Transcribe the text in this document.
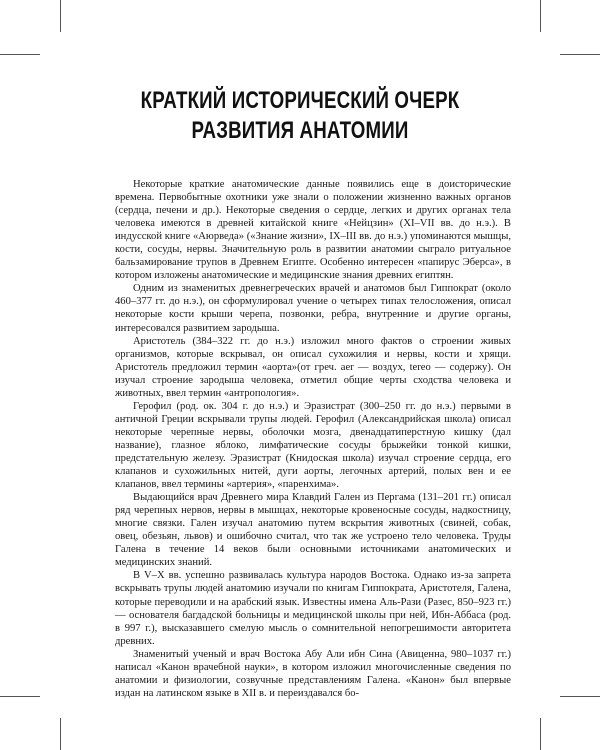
КРАТКИЙ ИСТОРИЧЕСКИЙ ОЧЕРК
РАЗВИТИЯ АНАТОМИИ

Некоторые краткие анатомические данные появились еще в доисторические времена. Первобытные охотники уже знали о положении жизненно важных органов (сердца, печени и др.). Некоторые сведения о сердце, легких и других органах тела человека имеются в древней китайской книге «Нейцзин» (XI–VII вв. до н.э.). В индусской книге «Аюрведа» («Знание жизни», IX–III вв. до н.э.) упоминаются мышцы, кости, сосуды, нервы. Значительную роль в развитии анатомии сыграло ритуальное бальзамирование трупов в Древнем Египте. Особенно интересен «папирус Эберса», в котором изложены анатомические и медицинские знания древних египтян.

Одним из знаменитых древнегреческих врачей и анатомов был Гиппократ (около 460–377 гг. до н.э.), он сформулировал учение о четырех типах телосложения, описал некоторые кости крыши черепа, позвонки, ребра, внутренние и другие органы, интересовался развитием зародыша.

Аристотель (384–322 гг. до н.э.) изложил много фактов о строении живых организмов, которые вскрывал, он описал сухожилия и нервы, кости и хрящи. Аристотель предложил термин «аорта»(от греч. aer — воздух, tereo — содержу). Он изучал строение зародыша человека, отметил общие черты сходства человека и животных, ввел термин «антропология».

Герофил (род. ок. 304 г. до н.э.) и Эразистрат (300–250 гг. до н.э.) первыми в античной Греции вскрывали трупы людей. Герофил (Александрийская школа) описал некоторые черепные нервы, оболочки мозга, двенадцатиперстную кишку (дал название), глазное яблоко, лимфатические сосуды брыжейки тонкой кишки, предстательную железу. Эразистрат (Книдоская школа) изучал строение сердца, его клапанов и сухожильных нитей, дуги аорты, легочных артерий, полых вен и ее клапанов, ввел термины «артерия», «паренхима».

Выдающийся врач Древнего мира Клавдий Гален из Пергама (131–201 гг.) описал ряд черепных нервов, нервы в мышцах, некоторые кровеносные сосуды, надкостницу, многие связки. Гален изучал анатомию путем вскрытия животных (свиней, собак, овец, обезьян, львов) и ошибочно считал, что так же устроено тело человека. Труды Галена в течение 14 веков были основными источниками анатомических и медицинских знаний.

В V–X вв. успешно развивалась культура народов Востока. Однако из-за запрета вскрывать трупы людей анатомию изучали по книгам Гиппократа, Аристотеля, Галена, которые переводили и на арабский язык. Известны имена Аль-Рази (Разес, 850–923 гг.) — основателя багдадской больницы и медицинской школы при ней, Ибн-Аббаса (род. в 997 г.), высказавшего смелую мысль о сомнительной непогрешимости авторитета древних.

Знаменитый ученый и врач Востока Абу Али ибн Сина (Авиценна, 980–1037 гг.) написал «Канон врачебной науки», в котором изложил многочисленные сведения по анатомии и физиологии, созвучные представлениям Галена. «Канон» был впервые издан на латинском языке в XII в. и переиздавался бо-
